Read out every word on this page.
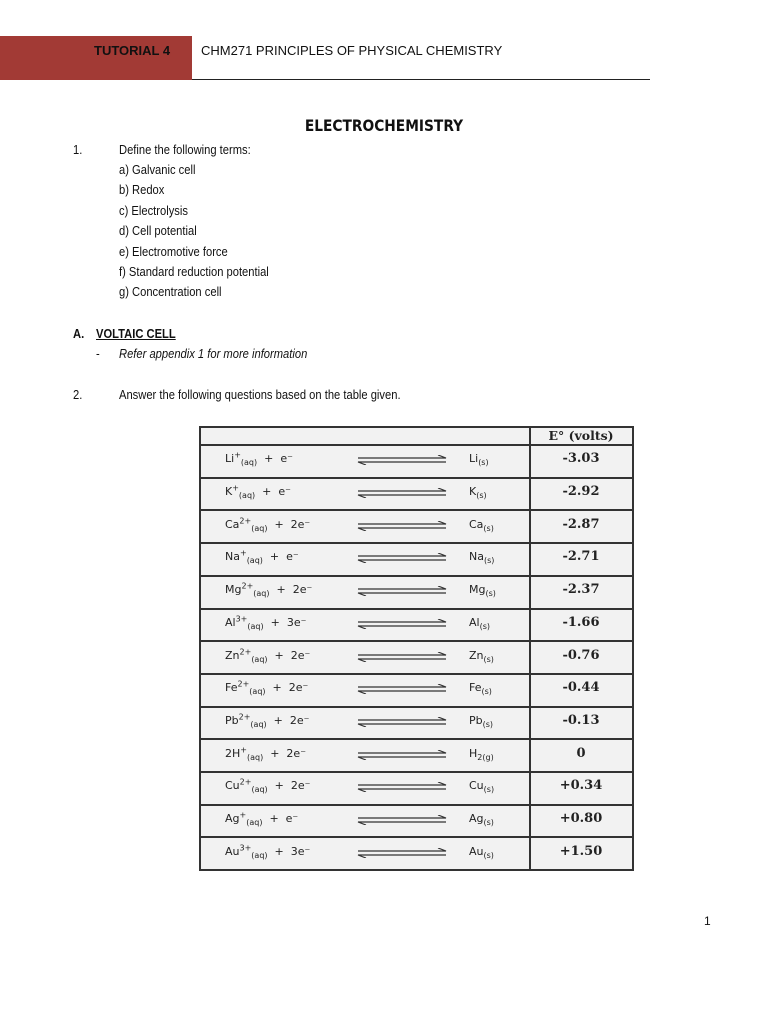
TUTORIAL 4 CHM271 PRINCIPLES OF PHYSICAL CHEMISTRY
ELECTROCHEMISTRY
1.	Define the following terms:
a) Galvanic cell
b) Redox
c) Electrolysis
d) Cell potential
e) Electromotive force
f) Standard reduction potential
g) Concentration cell
A. VOLTAIC CELL
- Refer appendix 1 for more information
2.	Answer the following questions based on the table given.
E° (volts)
$Li^+_{(aq)} + e^-$	$Li_{(s)}$	-3.03
$K^+_{(aq)} + e^-$	$K_{(s)}$	-2.92
$Ca^{2+}_{(aq)} + 2e^-$	$Ca_{(s)}$	-2.87
$Na^+_{(aq)} + e^-$	$Na_{(s)}$	-2.71
$Mg^{2+}_{(aq)} + 2e^-$	$Mg_{(s)}$	-2.37
$Al^{3+}_{(aq)} + 3e^-$	$Al_{(s)}$	-1.66
$Zn^{2+}_{(aq)} + 2e^-$	$Zn_{(s)}$	-0.76
$Fe^{2+}_{(aq)} + 2e^-$	$Fe_{(s)}$	-0.44
$Pb^{2+}_{(aq)} + 2e^-$	$Pb_{(s)}$	-0.13
$2H^+_{(aq)} + 2e^-$	$H_{2(g)}$	0
$Cu^{2+}_{(aq)} + 2e^-$	$Cu_{(s)}$	+0.34
$Ag^+_{(aq)} + e^-$	$Ag_{(s)}$	+0.80
$Au^{3+}_{(aq)} + 3e^-$	$Au_{(s)}$	+1.50
1
